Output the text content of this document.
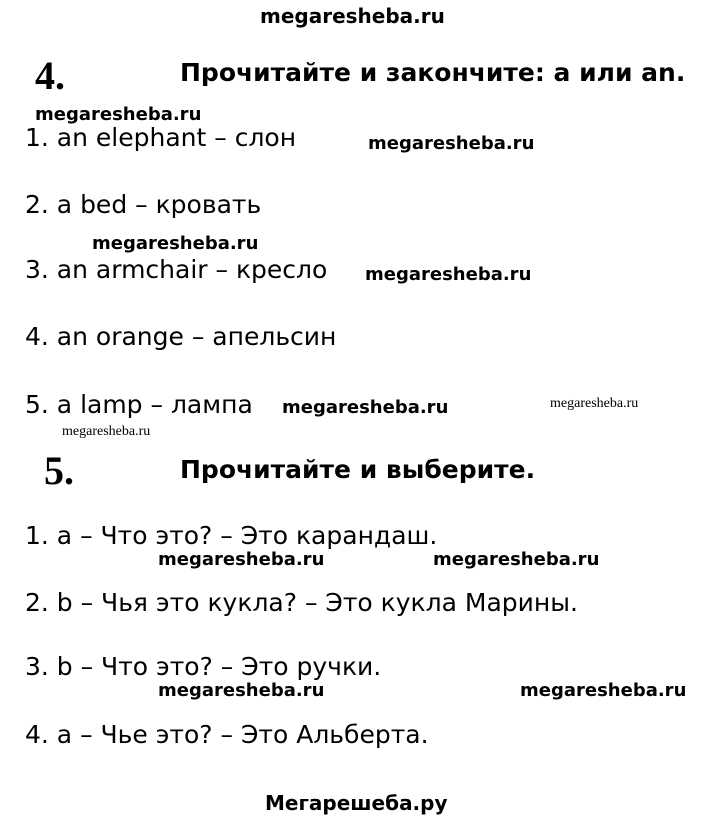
megaresheba.ru
4.	Прочитайте и закончите: a или an.
megaresheba.ru
1. an elephant – слон	megaresheba.ru
2. a bed – кровать
megaresheba.ru
3. an armchair – кресло megaresheba.ru
4. an orange – апельсин
5. a lamp – лампа megaresheba.ru	megaresheba.ru
megaresheba.ru
5.	Прочитайте и выберите.
1. a – Что это? – Это карандаш.
megaresheba.ru	megaresheba.ru
2. b – Чья это кукла? – Это кукла Марины.
3. b – Что это? – Это ручки.
megaresheba.ru	megaresheba.ru
4. a – Чье это? – Это Альберта.
Мегарешеба.ру
